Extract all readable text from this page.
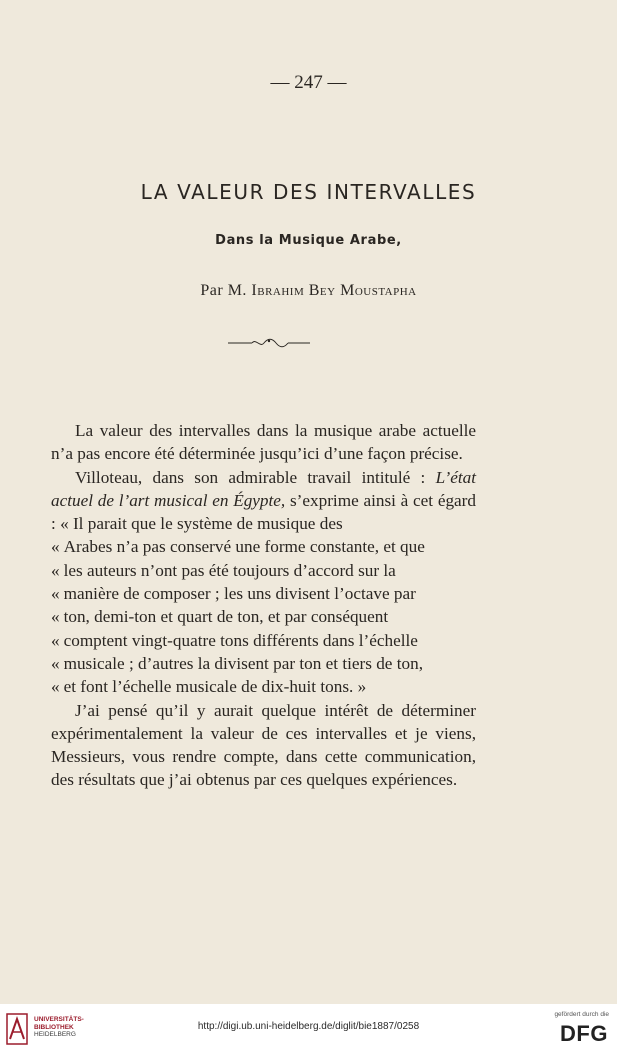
— 247 —
LA VALEUR DES INTERVALLES
Dans la Musique Arabe,
Par M. Ibrahim Bey Moustapha

La valeur des intervalles dans la musique arabe actuelle n’a pas encore été déterminée jusqu’ici d’une façon précise.

Villoteau, dans son admirable travail intitulé : L’état actuel de l’art musical en Égypte, s’exprime ainsi à cet égard : « Il parait que le système de musique des

« Arabes n’a pas conservé une forme constante, et que
« les auteurs n’ont pas été toujours d’accord sur la
« manière de composer ; les uns divisent l’octave par
« ton, demi-ton et quart de ton, et par conséquent
« comptent vingt-quatre tons différents dans l’échelle
« musicale ; d’autres la divisent par ton et tiers de ton,
« et font l’échelle musicale de dix-huit tons. »

J’ai pensé qu’il y aurait quelque intérêt de déterminer expérimentalement la valeur de ces intervalles et je viens, Messieurs, vous rendre compte, dans cette communication, des résultats que j’ai obtenus par ces quelques expériences.

UNIVERSITÄTS-
BIBLIOTHEK
HEIDELBERG
http://digi.ub.uni-heidelberg.de/diglit/bie1887/0258
gefördert durch die
DFG
